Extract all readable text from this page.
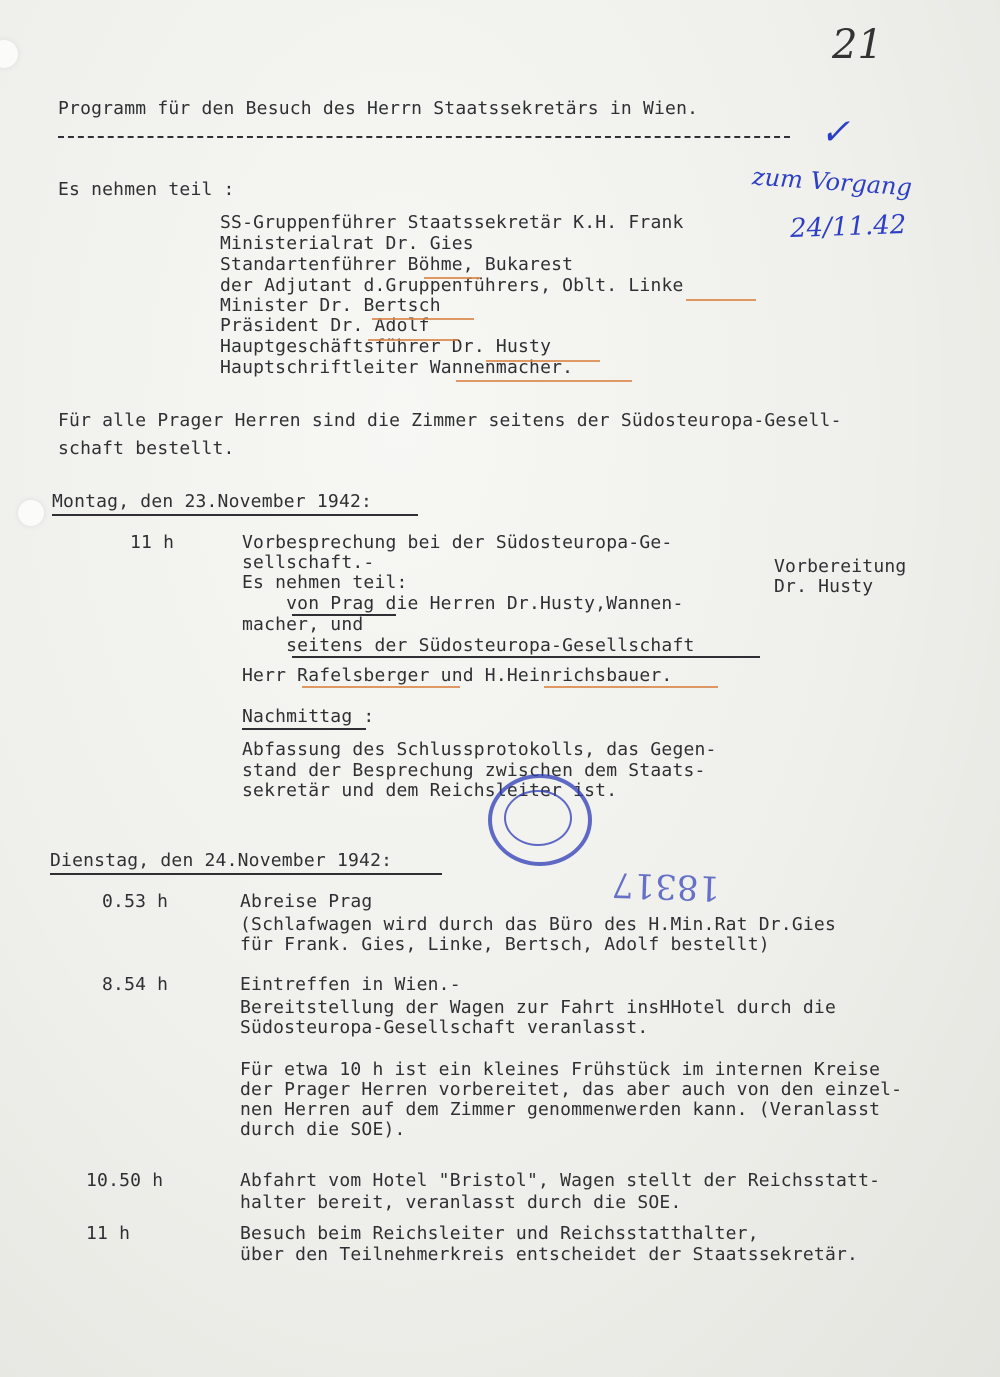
21
Programm für den Besuch des Herrn Staatssekretärs in Wien.
✓
zum Vorgang
24/11.42
Es nehmen teil :
SS-Gruppenführer Staatssekretär K.H. Frank
Ministerialrat Dr. Gies
Standartenführer Böhme, Bukarest
der Adjutant d.Gruppenführers, Oblt. Linke
Minister Dr. Bertsch
Präsident Dr. Adolf
Hauptgeschäftsführer Dr. Husty
Hauptschriftleiter Wannenmacher.
Für alle Prager Herren sind die Zimmer seitens der Südosteuropa-Gesell-
schaft bestellt.
Montag, den 23.November 1942:
11 h	Vorbesprechung bei der Südosteuropa-Ge-
sellschaft.-
Es nehmen teil:
von Prag die Herren Dr.Husty,Wannen-
macher, und
seitens der Südosteuropa-Gesellschaft
Herr Rafelsberger und H.Heinrichsbauer.
Vorbereitung
Dr. Husty
Nachmittag :
Abfassung des Schlussprotokolls, das Gegen-
stand der Besprechung zwischen dem Staats-
sekretär und dem Reichsleiter ist.
18317
Dienstag, den 24.November 1942:
0.53 h	Abreise Prag
(Schlafwagen wird durch das Büro des H.Min.Rat Dr.Gies
für Frank. Gies, Linke, Bertsch, Adolf bestellt)
8.54 h	Eintreffen in Wien.-
Bereitstellung der Wagen zur Fahrt insHHotel durch die
Südosteuropa-Gesellschaft veranlasst.
Für etwa 10 h ist ein kleines Frühstück im internen Kreise
der Prager Herren vorbereitet, das aber auch von den einzel-
nen Herren auf dem Zimmer genommenwerden kann. (Veranlasst
durch die SOE).
10.50 h	Abfahrt vom Hotel "Bristol", Wagen stellt der Reichsstatt-
halter bereit, veranlasst durch die SOE.
11 h	Besuch beim Reichsleiter und Reichsstatthalter,
über den Teilnehmerkreis entscheidet der Staatssekretär.
